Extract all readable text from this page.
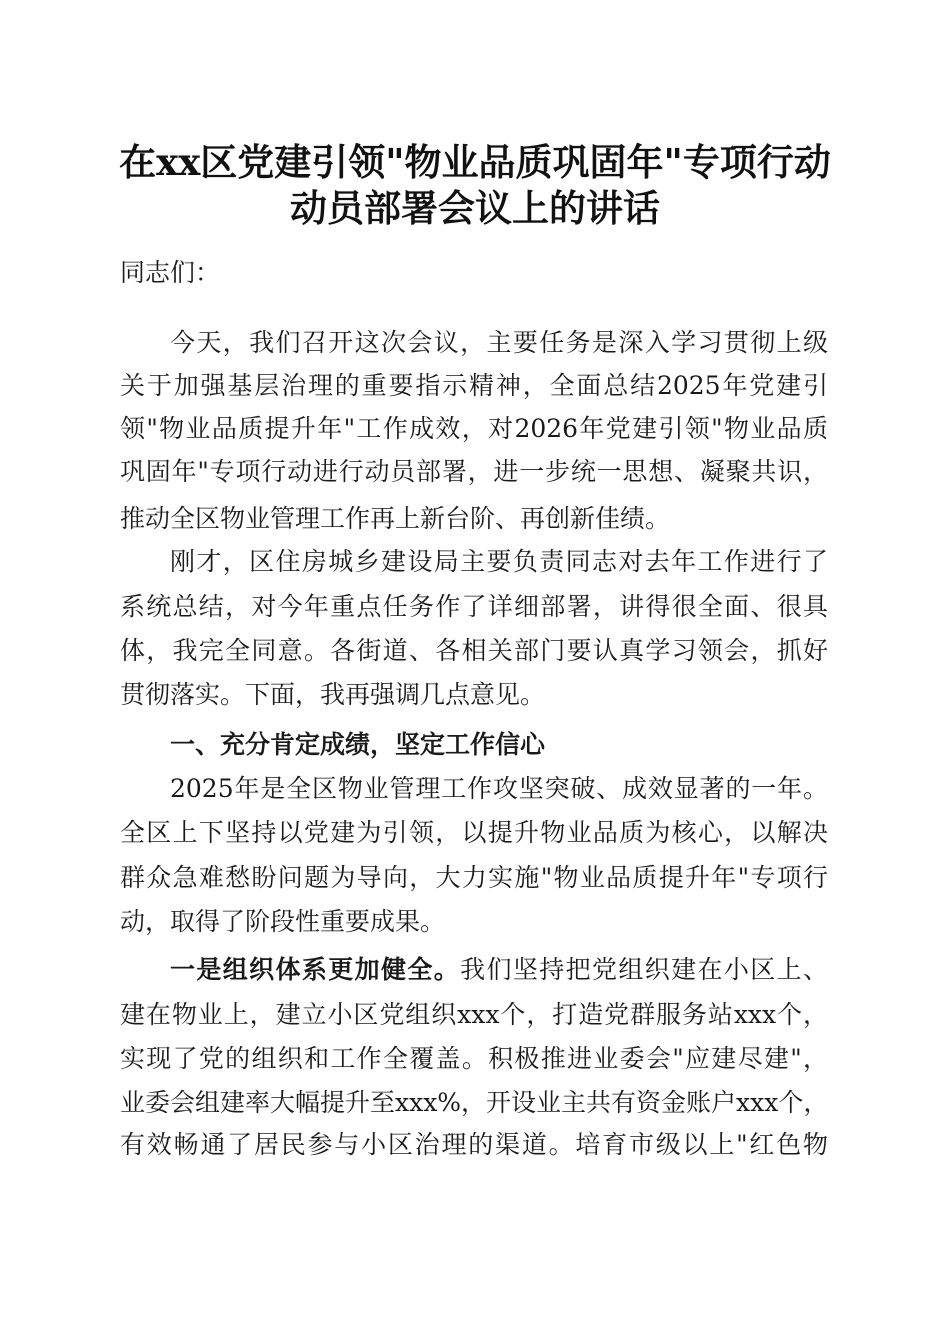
在xx区党建引领"物业品质巩固年"专项行动
动员部署会议上的讲话
同志们：
今天，我们召开这次会议，主要任务是深入学习贯彻上级
关于加强基层治理的重要指示精神，全面总结2025年党建引
领"物业品质提升年"工作成效，对2026年党建引领"物业品质
巩固年"专项行动进行动员部署，进一步统一思想、凝聚共识，
推动全区物业管理工作再上新台阶、再创新佳绩。
刚才，区住房城乡建设局主要负责同志对去年工作进行了
系统总结，对今年重点任务作了详细部署，讲得很全面、很具
体，我完全同意。各街道、各相关部门要认真学习领会，抓好
贯彻落实。下面，我再强调几点意见。
一、充分肯定成绩，坚定工作信心
2025年是全区物业管理工作攻坚突破、成效显著的一年。
全区上下坚持以党建为引领，以提升物业品质为核心，以解决
群众急难愁盼问题为导向，大力实施"物业品质提升年"专项行
动，取得了阶段性重要成果。
一是组织体系更加健全。我们坚持把党组织建在小区上、
建在物业上，建立小区党组织xxx个，打造党群服务站xxx个，
实现了党的组织和工作全覆盖。积极推进业委会"应建尽建"，
业委会组建率大幅提升至xxx%，开设业主共有资金账户xxx个，
有效畅通了居民参与小区治理的渠道。培育市级以上"红色物
